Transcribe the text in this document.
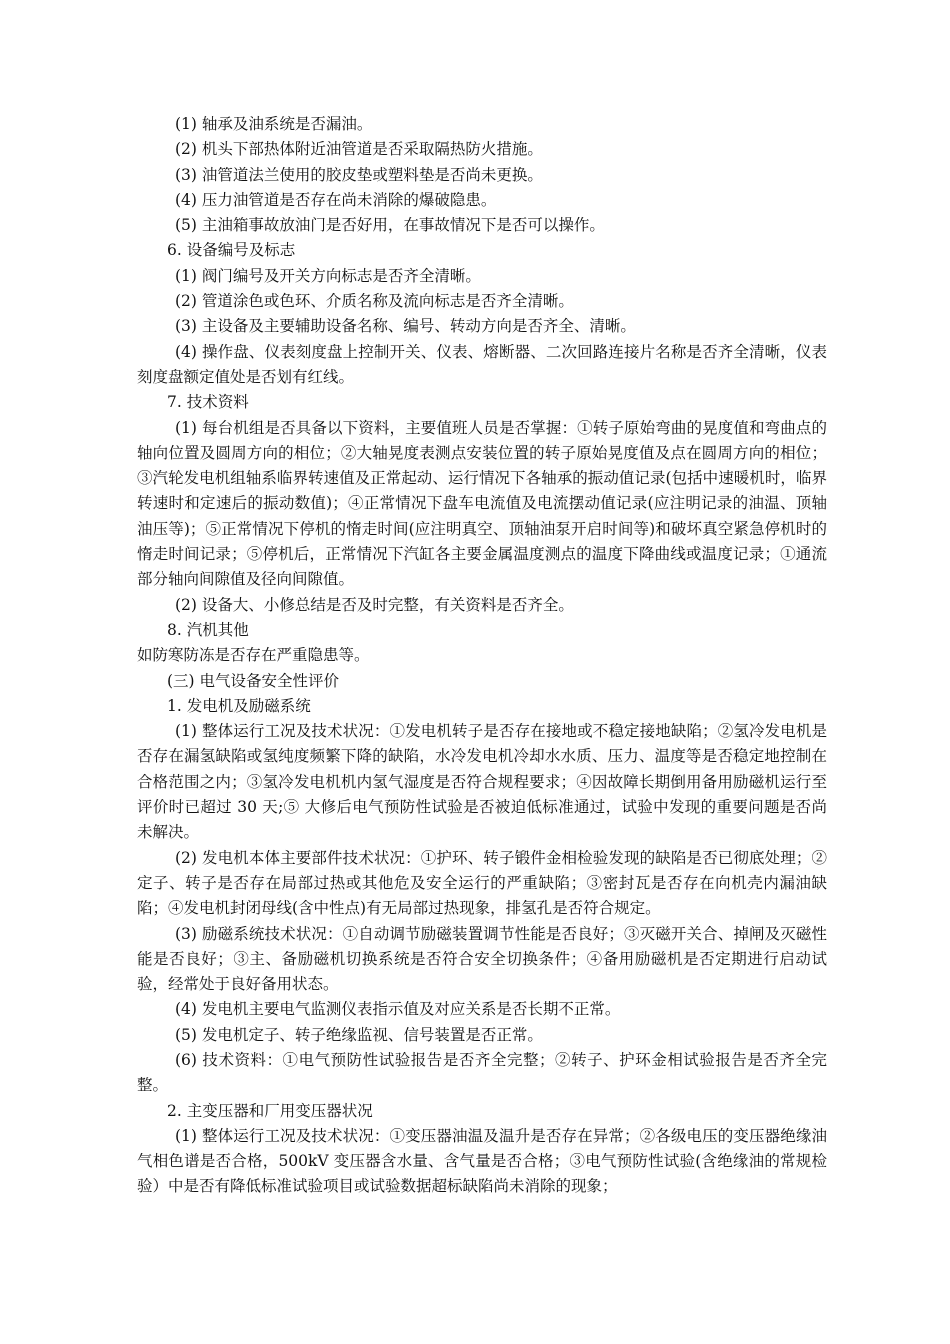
(1) 轴承及油系统是否漏油。

(2) 机头下部热体附近油管道是否采取隔热防火措施。

(3) 油管道法兰使用的胶皮垫或塑料垫是否尚未更换。

(4) 压力油管道是否存在尚未消除的爆破隐患。

(5) 主油箱事故放油门是否好用，在事故情况下是否可以操作。

6. 设备编号及标志

(1) 阀门编号及开关方向标志是否齐全清晰。

(2) 管道涂色或色环、介质名称及流向标志是否齐全清晰。

(3) 主设备及主要辅助设备名称、编号、转动方向是否齐全、清晰。

(4) 操作盘、仪表刻度盘上控制开关、仪表、熔断器、二次回路连接片名称是否齐全清晰，仪表刻度盘额定值处是否划有红线。

7. 技术资料

(1) 每台机组是否具备以下资料，主要值班人员是否掌握：①转子原始弯曲的晃度值和弯曲点的轴向位置及圆周方向的相位；②大轴晃度表测点安装位置的转子原始晃度值及点在圆周方向的相位；③汽轮发电机组轴系临界转速值及正常起动、运行情况下各轴承的振动值记录(包括中速暖机时，临界转速时和定速后的振动数值)；④正常情况下盘车电流值及电流摆动值记录(应注明记录的油温、顶轴油压等)；⑤正常情况下停机的惰走时间(应注明真空、顶轴油泵开启时间等)和破坏真空紧急停机时的惰走时间记录；⑤停机后，正常情况下汽缸各主要金属温度测点的温度下降曲线或温度记录；①通流部分轴向间隙值及径向间隙值。

(2) 设备大、小修总结是否及时完整，有关资料是否齐全。

8. 汽机其他

如防寒防冻是否存在严重隐患等。

(三) 电气设备安全性评价

1. 发电机及励磁系统

(1) 整体运行工况及技术状况：①发电机转子是否存在接地或不稳定接地缺陷；②氢冷发电机是否存在漏氢缺陷或氢纯度频繁下降的缺陷，水冷发电机冷却水水质、压力、温度等是否稳定地控制在合格范围之内；③氢冷发电机机内氢气湿度是否符合规程要求；④因故障长期倒用备用励磁机运行至评价时已超过 30 天;⑤ 大修后电气预防性试验是否被迫低标准通过，试验中发现的重要问题是否尚未解决。

(2) 发电机本体主要部件技术状况：①护环、转子锻件金相检验发现的缺陷是否已彻底处理；②定子、转子是否存在局部过热或其他危及安全运行的严重缺陷；③密封瓦是否存在向机壳内漏油缺陷；④发电机封闭母线(含中性点)有无局部过热现象，排氢孔是否符合规定。

(3) 励磁系统技术状况：①自动调节励磁装置调节性能是否良好；③灭磁开关合、掉闸及灭磁性能是否良好；③主、备励磁机切换系统是否符合安全切换条件；④备用励磁机是否定期进行启动试验，经常处于良好备用状态。

(4) 发电机主要电气监测仪表指示值及对应关系是否长期不正常。

(5) 发电机定子、转子绝缘监视、信号装置是否正常。

(6) 技术资料：①电气预防性试验报告是否齐全完整；②转子、护环金相试验报告是否齐全完整。

2. 主变压器和厂用变压器状况

(1) 整体运行工况及技术状况：①变压器油温及温升是否存在异常；②各级电压的变压器绝缘油气相色谱是否合格，500kV 变压器含水量、含气量是否合格；③电气预防性试验(含绝缘油的常规检验）中是否有降低标准试验项目或试验数据超标缺陷尚未消除的现象；
